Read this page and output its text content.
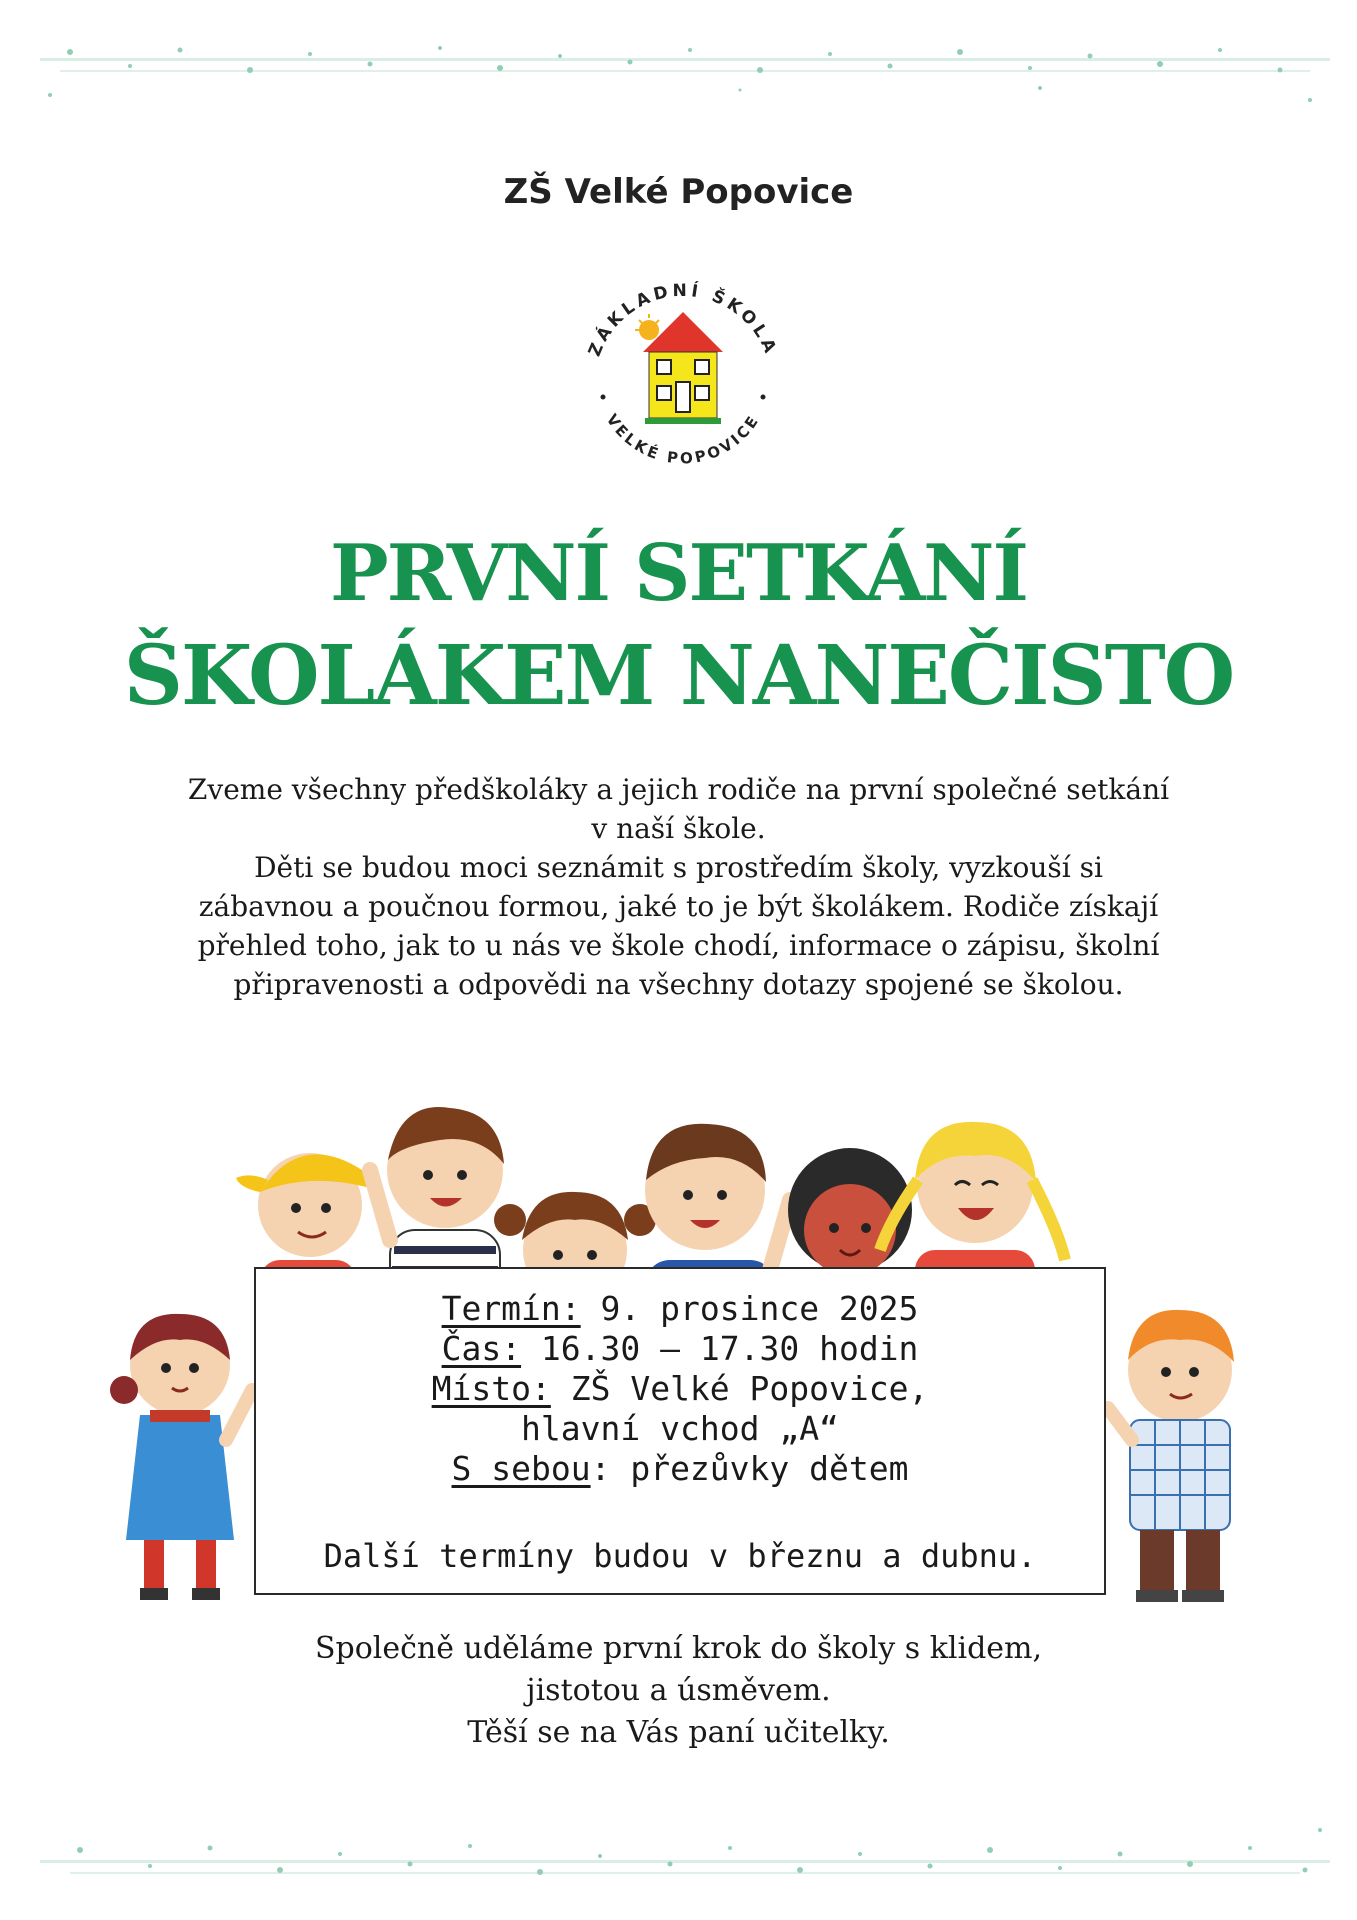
ZŠ Velké Popovice
ZÁKLADNÍ ŠKOLA
VELKÉ POPOVICE
PRVNÍ SETKÁNÍ
ŠKOLÁKEM NANEČISTO

Zveme všechny předškoláky a jejich rodiče na první společné setkání

v naší škole.

Děti se budou moci seznámit s prostředím školy, vyzkouší si

zábavnou a poučnou formou, jaké to je být školákem. Rodiče získají

přehled toho, jak to u nás ve škole chodí, informace o zápisu, školní

připravenosti a odpovědi na všechny dotazy spojené se školou.

Termín: 9. prosince 2025
Čas: 16.30 – 17.30 hodin
Místo: ZŠ Velké Popovice,
hlavní vchod „A“
S sebou: přezůvky dětem
Další termíny budou v březnu a dubnu.

Společně uděláme první krok do školy s klidem,

jistotou a úsměvem.

Těší se na Vás paní učitelky.
